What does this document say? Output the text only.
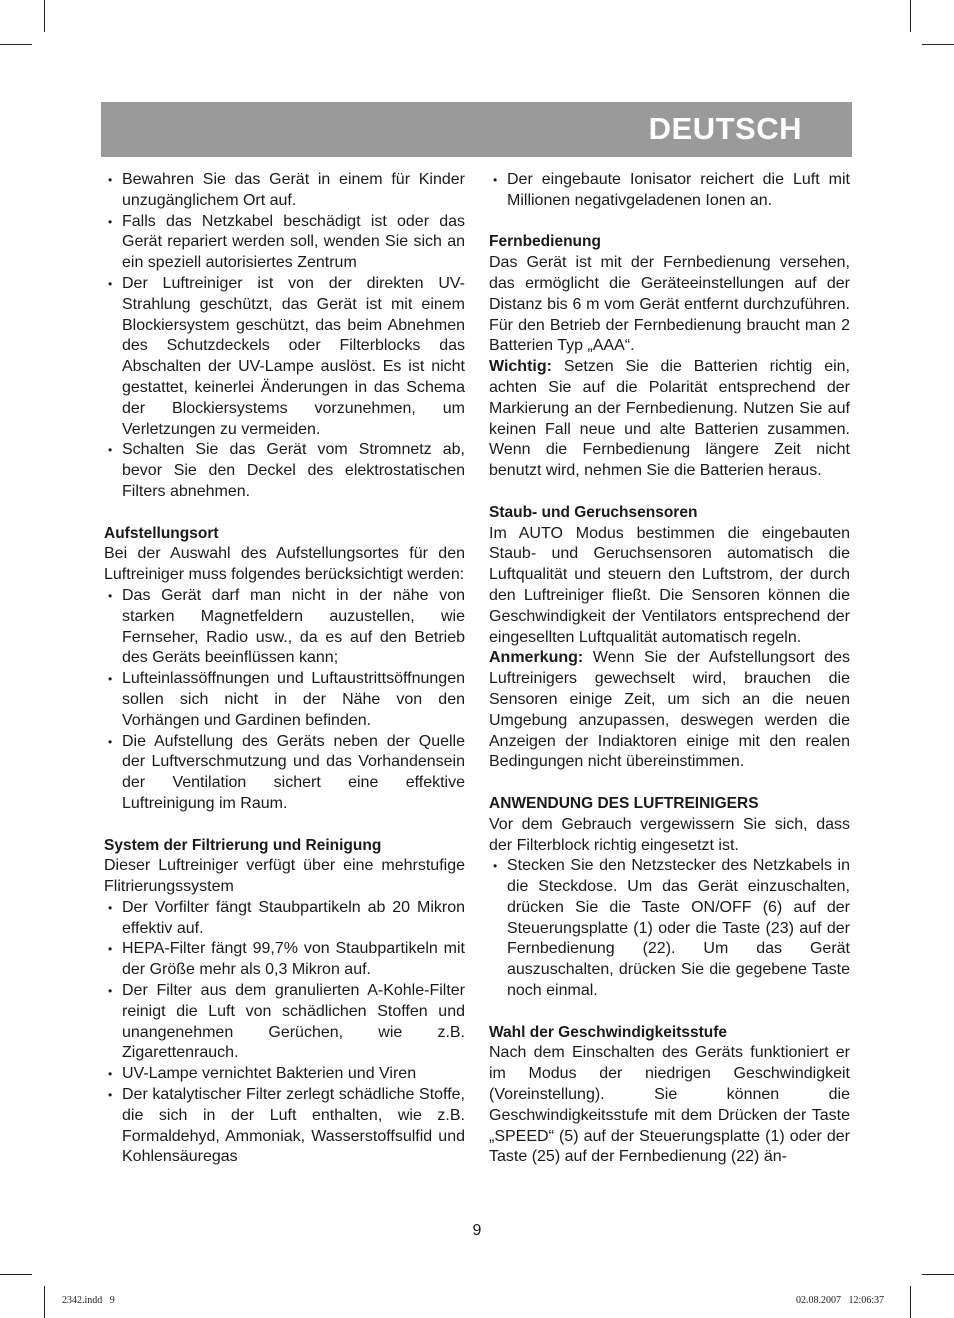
DEUTSCH
• Bewahren Sie das Gerät in einem für Kinder unzugänglichem Ort auf.
• Falls das Netzkabel beschädigt ist oder das Gerät repariert werden soll, wenden Sie sich an ein speziell autorisiertes Zentrum
• Der Luftreiniger ist von der direkten UV-Strahlung geschützt, das Gerät ist mit einem Blockiersystem geschützt, das beim Abnehmen des Schutzdeckels oder Filterblocks das Abschalten der UV-Lampe auslöst. Es ist nicht gestattet, keinerlei Änderungen in das Schema der Blockiersystems vorzunehmen, um Verletzungen zu vermeiden.
• Schalten Sie das Gerät vom Stromnetz ab, bevor Sie den Deckel des elektrostatischen Filters abnehmen.
Aufstellungsort

Bei der Auswahl des Aufstellungsortes für den Luftreiniger muss folgendes berücksichtigt werden:

• Das Gerät darf man nicht in der nähe von starken Magnetfeldern auzustellen, wie Fernseher, Radio usw., da es auf den Betrieb des Geräts beeinflüssen kann;
• Lufteinlassöffnungen und Luftaustrittsöffnungen sollen sich nicht in der Nähe von den Vorhängen und Gardinen befinden.
• Die Aufstellung des Geräts neben der Quelle der Luftverschmutzung und das Vorhandensein der Ventilation sichert eine effektive Luftreinigung im Raum.
System der Filtrierung und Reinigung

Dieser Luftreiniger verfügt über eine mehrstufige Flitrierungssystem

• Der Vorfilter fängt Staubpartikeln ab 20 Mikron effektiv auf.
• HEPA-Filter fängt 99,7% von Staubpartikeln mit der Größe mehr als 0,3 Mikron auf.
• Der Filter aus dem granulierten A-Kohle-Filter reinigt die Luft von schädlichen Stoffen und unangenehmen Gerüchen, wie z.B. Zigarettenrauch.
• UV-Lampe vernichtet Bakterien und Viren
• Der katalytischer Filter zerlegt schädliche Stoffe, die sich in der Luft enthalten, wie z.B. Formaldehyd, Ammoniak, Wasserstoffsulfid und Kohlensäuregas
• Der eingebaute Ionisator reichert die Luft mit Millionen negativgeladenen Ionen an.
Fernbedienung

Das Gerät ist mit der Fernbedienung versehen, das ermöglicht die Geräteeinstellungen auf der Distanz bis 6 m vom Gerät entfernt durchzuführen. Für den Betrieb der Fernbedienung braucht man 2 Batterien Typ „AAA“.

Wichtig: Setzen Sie die Batterien richtig ein, achten Sie auf die Polarität entsprechend der Markierung an der Fernbedienung. Nutzen Sie auf keinen Fall neue und alte Batterien zusammen. Wenn die Fernbedienung längere Zeit nicht benutzt wird, nehmen Sie die Batterien heraus.

Staub- und Geruchsensoren

Im AUTO Modus bestimmen die eingebauten Staub- und Geruchsensoren automatisch die Luftqualität und steuern den Luftstrom, der durch den Luftreiniger fließt. Die Sensoren können die Geschwindigkeit der Ventilators entsprechend der eingesellten Luftqualität automatisch regeln.

Anmerkung: Wenn Sie der Aufstellungsort des Luftreinigers gewechselt wird, brauchen die Sensoren einige Zeit, um sich an die neuen Umgebung anzupassen, deswegen werden die Anzeigen der Indiaktoren einige mit den realen Bedingungen nicht übereinstimmen.

ANWENDUNG DES LUFTREINIGERS

Vor dem Gebrauch vergewissern Sie sich, dass der Filterblock richtig eingesetzt ist.

• Stecken Sie den Netzstecker des Netzkabels in die Steckdose. Um das Gerät einzuschalten, drücken Sie die Taste ON/OFF (6) auf der Steuerungsplatte (1) oder die Taste (23) auf der Fernbedienung (22). Um das Gerät auszuschalten, drücken Sie die gegebene Taste noch einmal.
Wahl der Geschwindigkeitsstufe

Nach dem Einschalten des Geräts funktioniert er im Modus der niedrigen Geschwindigkeit (Voreinstellung). Sie können die Geschwindigkeitsstufe mit dem Drücken der Taste „SPEED“ (5) auf der Steuerungsplatte (1) oder der Taste (25) auf der Fernbedienung (22) än-

9
2342.indd   9	02.08.2007   12:06:37
